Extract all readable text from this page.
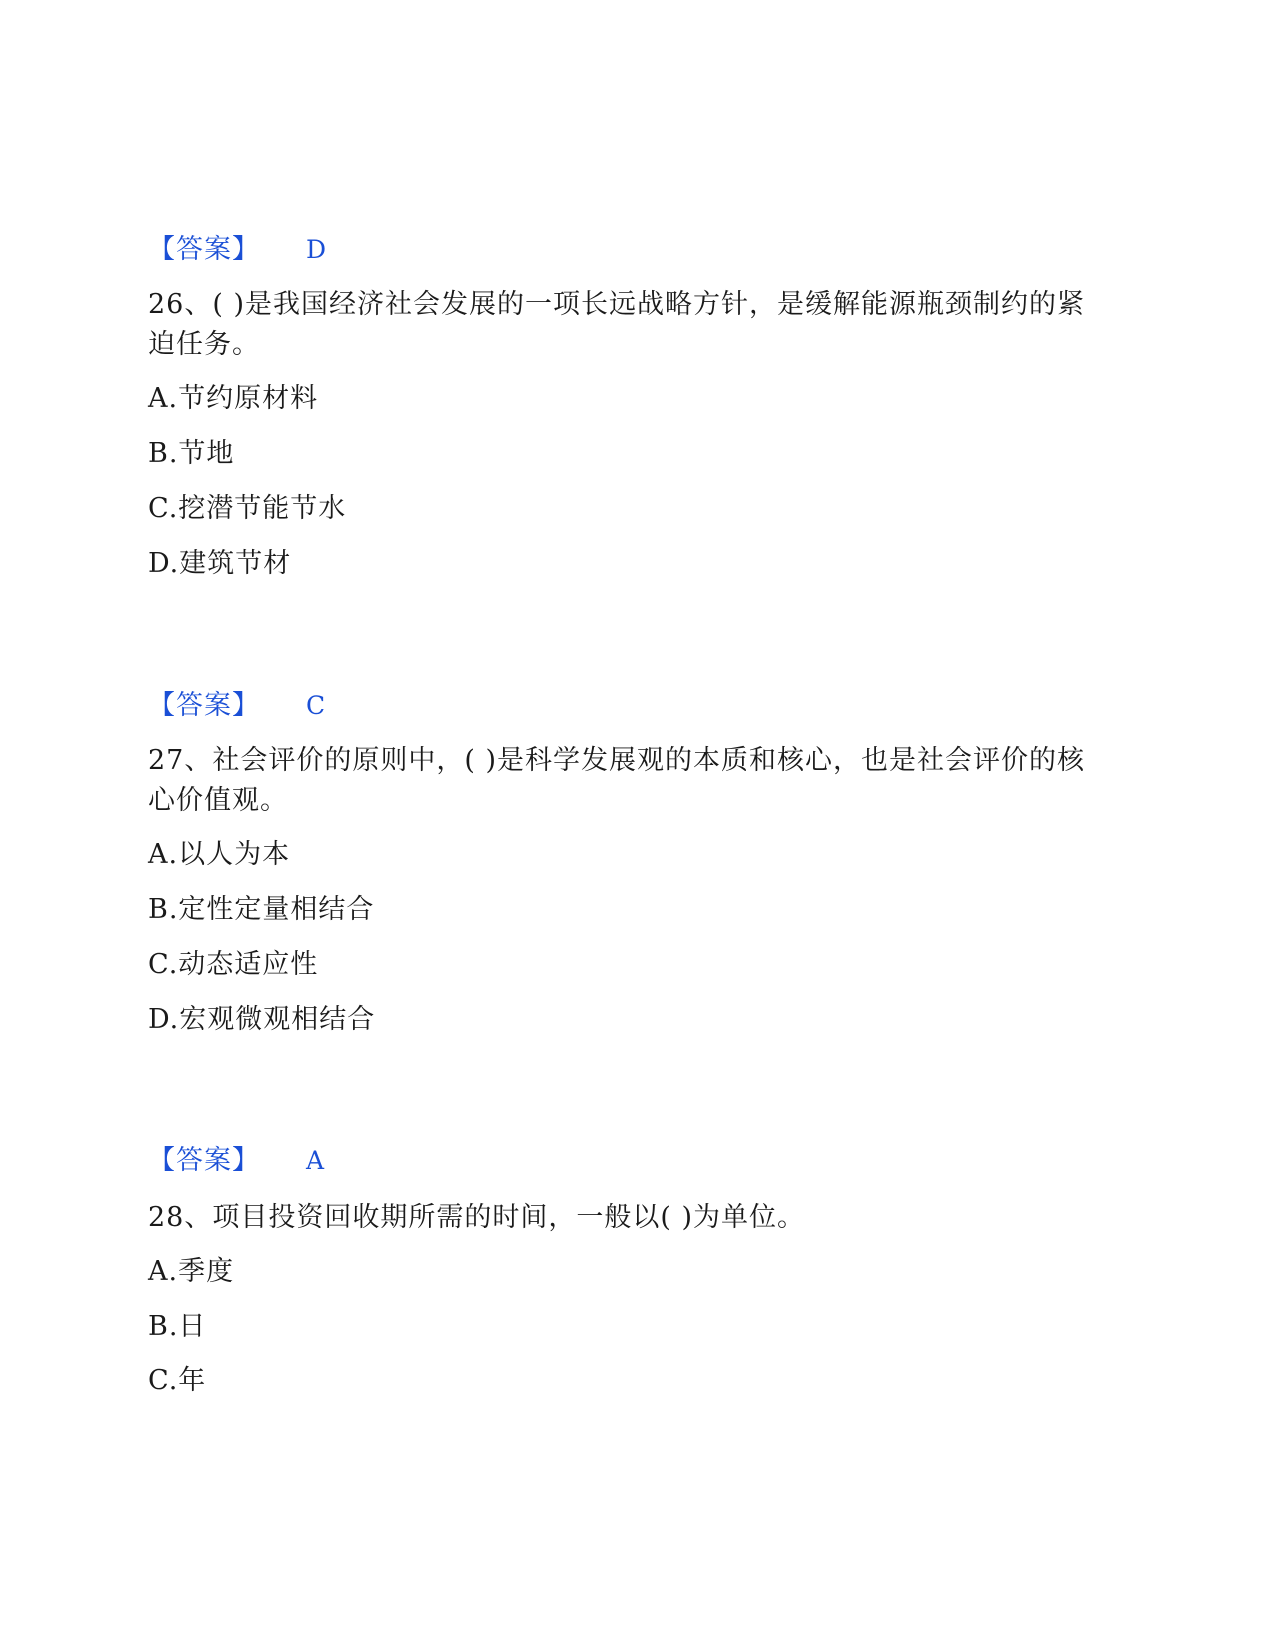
【答案】 D

26、( )是我国经济社会发展的一项长远战略方针，是缓解能源瓶颈制约的紧迫任务。

A.节约原材料

B.节地

C.挖潜节能节水

D.建筑节材

【答案】 C

27、社会评价的原则中，( )是科学发展观的本质和核心，也是社会评价的核心价值观。

A.以人为本

B.定性定量相结合

C.动态适应性

D.宏观微观相结合

【答案】 A

28、项目投资回收期所需的时间，一般以( )为单位。

A.季度

B.日

C.年
